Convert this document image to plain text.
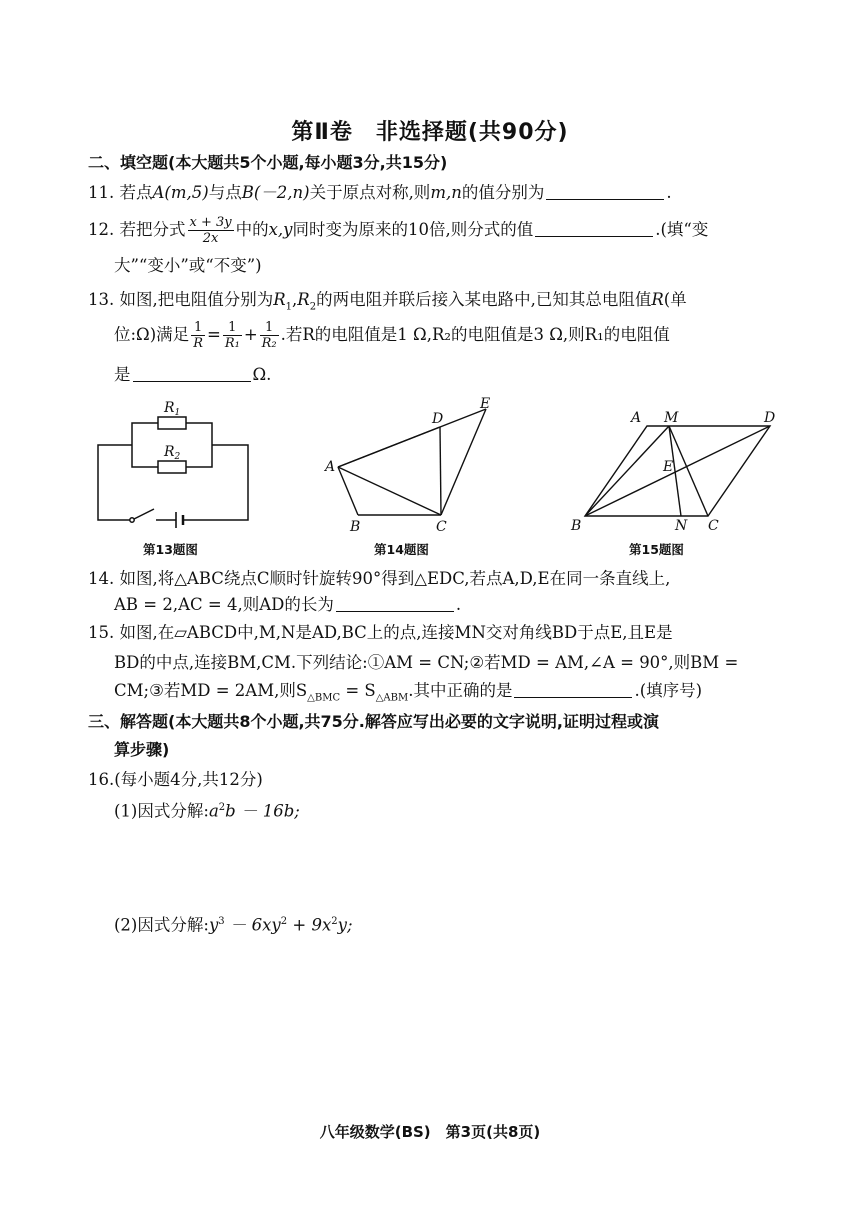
第Ⅱ卷　非选择题(共90分)
二、填空题(本大题共5个小题,每小题3分,共15分)
11. 若点A(m,5)与点B(－2,n)关于原点对称,则m,n的值分别为	.
12. 若把分式 $\frac{x + 3y}{2x}$ 中的x,y同时变为原来的10倍,则分式的值	.(填“变
大”“变小”或“不变”)
13. 如图,把电阻值分别为$R_1,R_2$的两电阻并联后接入某电路中,已知其总电阻值R(单
位:Ω)满足 $\frac{1}{R} = \frac{1}{\text{R₁}} + \frac{1}{\text{R₂}}$ .若R的电阻值是1 Ω,R₂的电阻值是3 Ω,则R₁的电阻值
是	Ω.
$R_1$
$R_2$
第13题图
A
B	C
D
E
第14题图
A M	D
E
B	N C
第15题图
14. 如图,将△ABC绕点C顺时针旋转90°得到△EDC,若点A,D,E在同一条直线上,
AB = 2,AC = 4,则AD的长为	.
15. 如图,在▱ABCD中,M,N是AD,BC上的点,连接MN交对角线BD于点E,且E是
BD的中点,连接BM,CM.下列结论:①AM = CN;②若MD = AM,∠A = 90°,则BM =
CM;③若MD = 2AM,则$S_{\triangle BMC} = S_{\triangle ABM}$.其中正确的是	.(填序号)
三、解答题(本大题共8个小题,共75分.解答应写出必要的文字说明,证明过程或演
算步骤)
16.(每小题4分,共12分)
(1)因式分解$:a^2b - 16b$;
(2)因式分解$:y^3 - 6xy^2 + 9x^2y$;
八年级数学(BS)　第3页(共8页)
